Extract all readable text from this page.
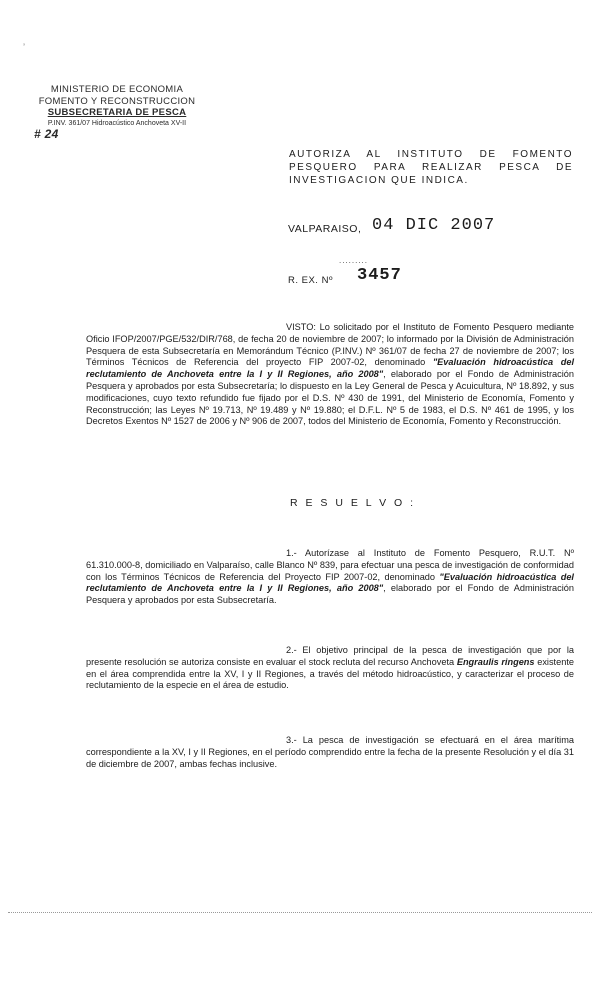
’
MINISTERIO DE ECONOMIA
FOMENTO Y RECONSTRUCCION
SUBSECRETARIA DE PESCA
P.INV. 361/07 Hidroacústico Anchoveta XV-II
# 24
AUTORIZA AL INSTITUTO DE FOMENTO
PESQUERO PARA REALIZAR PESCA DE
INVESTIGACION QUE INDICA.
VALPARAISO, 04 DIC 2007
.........
R. EX. Nº 3457
VISTO: Lo solicitado por el Instituto de Fomento Pesquero mediante Oficio IFOP/2007/PGE/532/DIR/768, de fecha 20 de noviembre de 2007; lo informado por la División de Administración Pesquera de esta Subsecretaría en Memorándum Técnico (P.INV.) Nº 361/07 de fecha 27 de noviembre de 2007; los Términos Técnicos de Referencia del proyecto FIP 2007-02, denominado "Evaluación hidroacústica del reclutamiento de Anchoveta entre la I y II Regiones, año 2008", elaborado por el Fondo de Administración Pesquera y aprobados por esta Subsecretaría; lo dispuesto en la Ley General de Pesca y Acuicultura, Nº 18.892, y sus modificaciones, cuyo texto refundido fue fijado por el D.S. Nº 430 de 1991, del Ministerio de Economía, Fomento y Reconstrucción; las Leyes Nº 19.713, Nº 19.489 y Nº 19.880; el D.F.L. Nº 5 de 1983, el D.S. Nº 461 de 1995, y los Decretos Exentos Nº 1527 de 2006 y Nº 906 de 2007, todos del Ministerio de Economía, Fomento y Reconstrucción.
R E S U E L V O :
1.- Autorízase al Instituto de Fomento Pesquero, R.U.T. Nº 61.310.000-8, domiciliado en Valparaíso, calle Blanco Nº 839, para efectuar una pesca de investigación de conformidad con los Términos Técnicos de Referencia del Proyecto FIP 2007-02, denominado "Evaluación hidroacústica del reclutamiento de Anchoveta entre la I y II Regiones, año 2008", elaborado por el Fondo de Administración Pesquera y aprobados por esta Subsecretaría.
2.- El objetivo principal de la pesca de investigación que por la presente resolución se autoriza consiste en evaluar el stock recluta del recurso Anchoveta Engraulis ringens existente en el área comprendida entre la XV, I y II Regiones, a través del método hidroacústico, y caracterizar el proceso de reclutamiento de la especie en el área de estudio.
3.- La pesca de investigación se efectuará en el área marítima correspondiente a la XV, I y II Regiones, en el período comprendido entre la fecha de la presente Resolución y el día 31 de diciembre de 2007, ambas fechas inclusive.
